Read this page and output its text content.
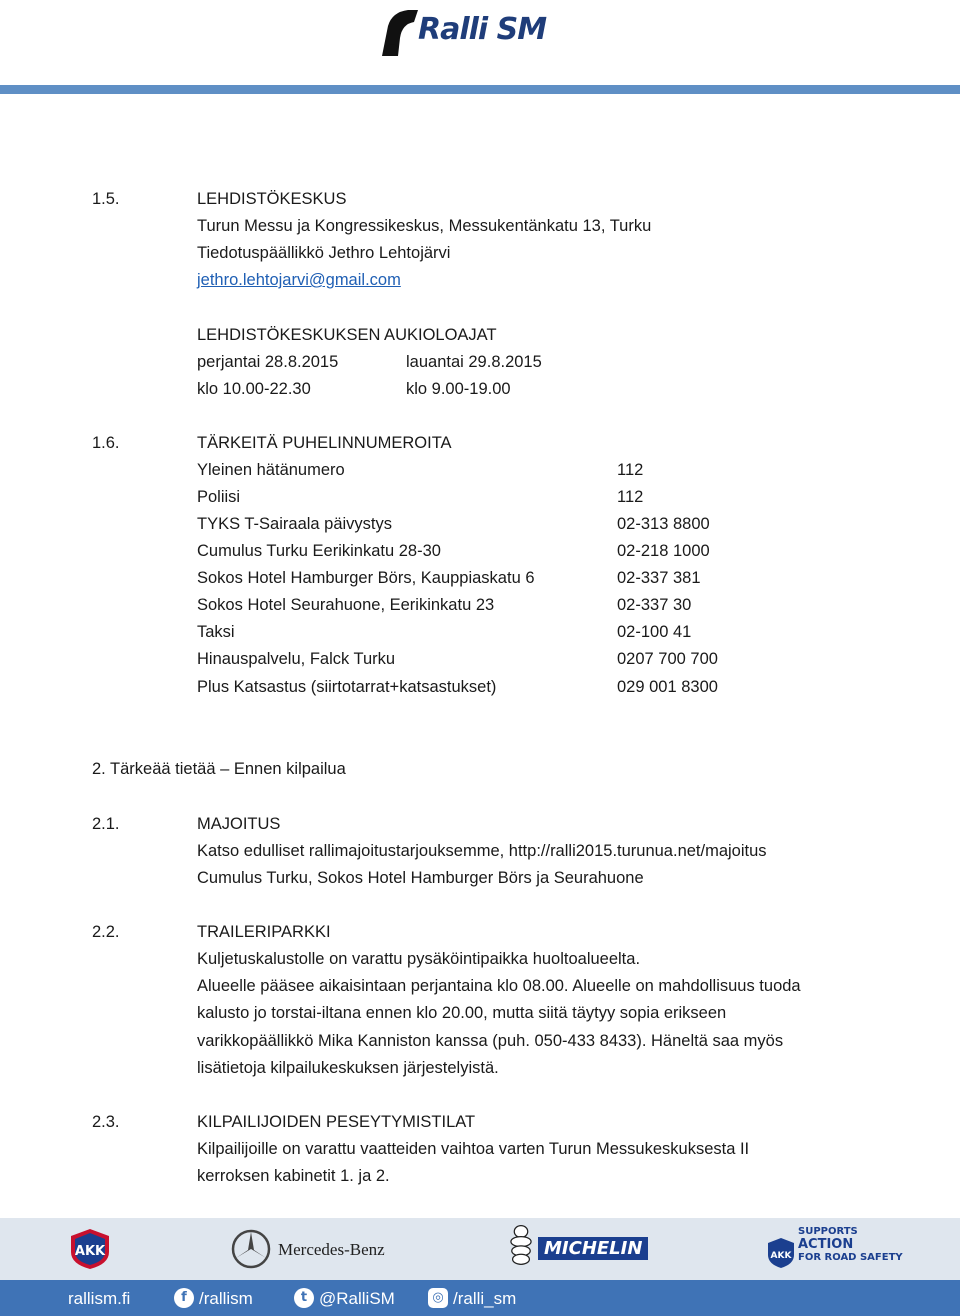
Ralli SM
1.5.	LEHDISTÖKESKUS
Turun Messu ja Kongressikeskus, Messukentänkatu 13, Turku
Tiedotuspäällikkö Jethro Lehtojärvi
jethro.lehtojarvi@gmail.com
LEHDISTÖKESKUKSEN AUKIOLOAJAT
perjantai 28.8.2015	lauantai 29.8.2015
klo 10.00-22.30	klo 9.00-19.00
1.6.	TÄRKEITÄ PUHELINNUMEROITA
Yleinen hätänumero	112
Poliisi	112
TYKS T-Sairaala päivystys	02-313 8800
Cumulus Turku Eerikinkatu 28-30	02-218 1000
Sokos Hotel Hamburger Börs, Kauppiaskatu 6	02-337 381
Sokos Hotel Seurahuone, Eerikinkatu 23	02-337 30
Taksi	02-100 41
Hinauspalvelu, Falck Turku	0207 700 700
Plus Katsastus (siirtotarrat+katsastukset)	029 001 8300
2. Tärkeää tietää – Ennen kilpailua
2.1.	MAJOITUS
Katso edulliset rallimajoitustarjouksemme, http://ralli2015.turunua.net/majoitus
Cumulus Turku, Sokos Hotel Hamburger Börs ja Seurahuone
2.2.	TRAILERIPARKKI
Kuljetuskalustolle on varattu pysäköintipaikka huoltoalueelta.
Alueelle pääsee aikaisintaan perjantaina klo 08.00. Alueelle on mahdollisuus tuoda
kalusto jo torstai-iltana ennen klo 20.00, mutta siitä täytyy sopia erikseen
varikkopäällikkö Mika Kanniston kanssa (puh. 050-433 8433). Häneltä saa myös
lisätietoja kilpailukeskuksen järjestelyistä.
2.3.	KILPAILIJOIDEN PESEYTYMISTILAT
Kilpailijoille on varattu vaatteiden vaihtoa varten Turun Messukeskuksesta II
kerroksen kabinetit 1. ja 2.
AKK	Mercedes-Benz	MICHELIN	AKK
SUPPORTS
ACTION
FOR ROAD SAFETY
rallism.fi	f /rallism	t @RalliSM	◎ /ralli_sm
